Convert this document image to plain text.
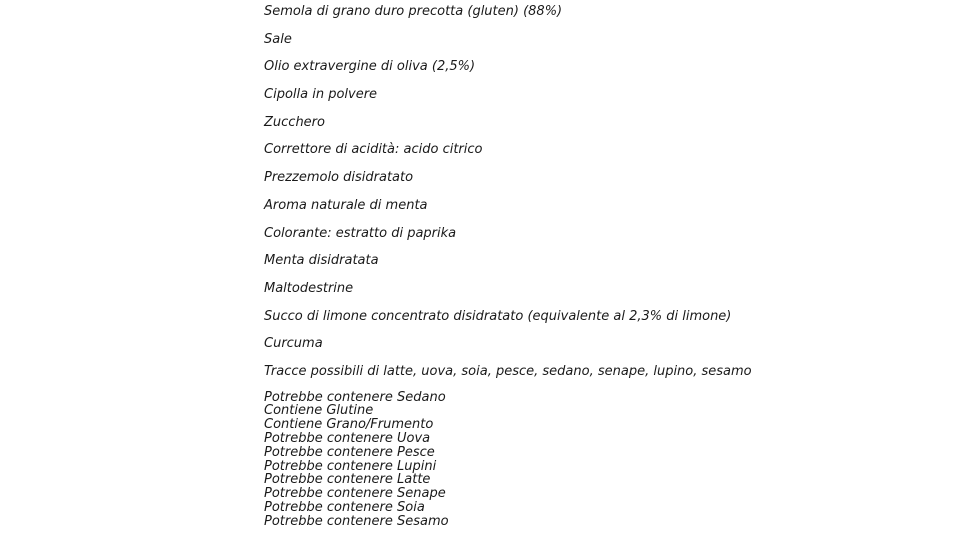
Semola di grano duro precotta (gluten) (88%)
Sale
Olio extravergine di oliva (2,5%)
Cipolla in polvere
Zucchero
Correttore di acidità: acido citrico
Prezzemolo disidratato
Aroma naturale di menta
Colorante: estratto di paprika
Menta disidratata
Maltodestrine
Succo di limone concentrato disidratato (equivalente al 2,3% di limone)
Curcuma
Tracce possibili di latte, uova, soia, pesce, sedano, senape, lupino, sesamo
Potrebbe contenere Sedano
Contiene Glutine
Contiene Grano/Frumento
Potrebbe contenere Uova
Potrebbe contenere Pesce
Potrebbe contenere Lupini
Potrebbe contenere Latte
Potrebbe contenere Senape
Potrebbe contenere Soia
Potrebbe contenere Sesamo
